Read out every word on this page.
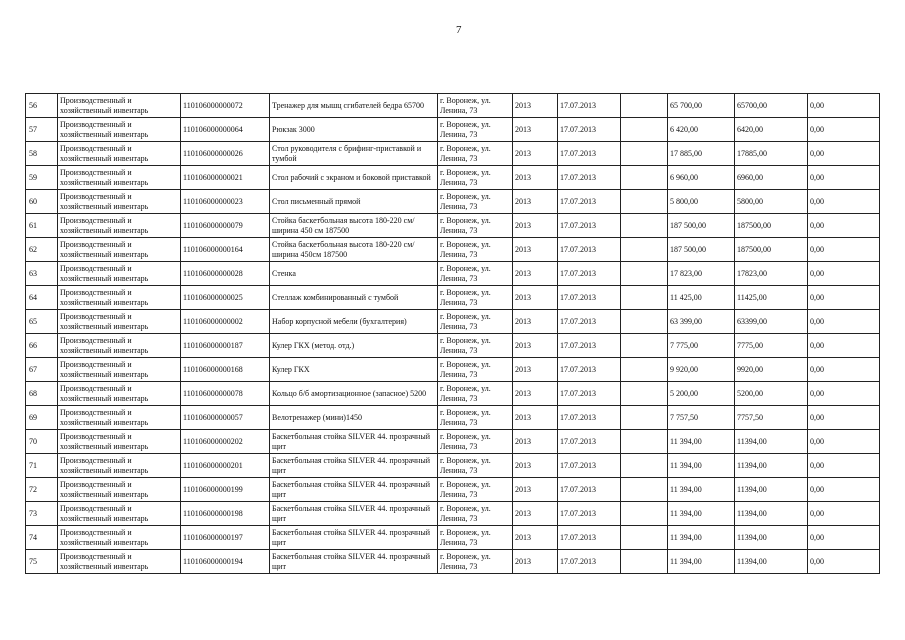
7
56	Производственный и хозяйственный инвентарь	110106000000072	Тренажер для мышц сгибателей бедра 65700	г. Воронеж, ул. Ленина, 73	2013	17.07.2013		65 700,00	65700,00	0,00
57	Производственный и хозяйственный инвентарь	110106000000064	Рюкзак 3000	г. Воронеж, ул. Ленина, 73	2013	17.07.2013		6 420,00	6420,00	0,00
58	Производственный и хозяйственный инвентарь	110106000000026	Стол руководителя с брифинг-приставкой и тумбой	г. Воронеж, ул. Ленина, 73	2013	17.07.2013		17 885,00	17885,00	0,00
59	Производственный и хозяйственный инвентарь	110106000000021	Стол рабочий с экраном и боковой приставкой	г. Воронеж, ул. Ленина, 73	2013	17.07.2013		6 960,00	6960,00	0,00
60	Производственный и хозяйственный инвентарь	110106000000023	Стол письменный прямой	г. Воронеж, ул. Ленина, 73	2013	17.07.2013		5 800,00	5800,00	0,00
61	Производственный и хозяйственный инвентарь	110106000000079	Стойка баскетбольная высота 180-220 см/ширина 450 см 187500	г. Воронеж, ул. Ленина, 73	2013	17.07.2013		187 500,00	187500,00	0,00
62	Производственный и хозяйственный инвентарь	110106000000164	Стойка баскетбольная высота 180-220 см/ширина 450см 187500	г. Воронеж, ул. Ленина, 73	2013	17.07.2013		187 500,00	187500,00	0,00
63	Производственный и хозяйственный инвентарь	110106000000028	Стенка	г. Воронеж, ул. Ленина, 73	2013	17.07.2013		17 823,00	17823,00	0,00
64	Производственный и хозяйственный инвентарь	110106000000025	Стеллаж комбинированный с тумбой	г. Воронеж, ул. Ленина, 73	2013	17.07.2013		11 425,00	11425,00	0,00
65	Производственный и хозяйственный инвентарь	110106000000002	Набор корпусной мебели (бухгалтерия)	г. Воронеж, ул. Ленина, 73	2013	17.07.2013		63 399,00	63399,00	0,00
66	Производственный и хозяйственный инвентарь	110106000000187	Кулер ГКХ (метод. отд.)	г. Воронеж, ул. Ленина, 73	2013	17.07.2013		7 775,00	7775,00	0,00
67	Производственный и хозяйственный инвентарь	110106000000168	Кулер ГКХ	г. Воронеж, ул. Ленина, 73	2013	17.07.2013		9 920,00	9920,00	0,00
68	Производственный и хозяйственный инвентарь	110106000000078	Кольцо б/б амортизационное (запасное) 5200	г. Воронеж, ул. Ленина, 73	2013	17.07.2013		5 200,00	5200,00	0,00
69	Производственный и хозяйственный инвентарь	110106000000057	Велотренажер (мини)1450	г. Воронеж, ул. Ленина, 73	2013	17.07.2013		7 757,50	7757,50	0,00
70	Производственный и хозяйственный инвентарь	110106000000202	Баскетбольная стойка SILVER 44. прозрачный щит	г. Воронеж, ул. Ленина, 73	2013	17.07.2013		11 394,00	11394,00	0,00
71	Производственный и хозяйственный инвентарь	110106000000201	Баскетбольная стойка SILVER 44. прозрачный щит	г. Воронеж, ул. Ленина, 73	2013	17.07.2013		11 394,00	11394,00	0,00
72	Производственный и хозяйственный инвентарь	110106000000199	Баскетбольная стойка SILVER 44. прозрачный щит	г. Воронеж, ул. Ленина, 73	2013	17.07.2013		11 394,00	11394,00	0,00
73	Производственный и хозяйственный инвентарь	110106000000198	Баскетбольная стойка SILVER 44. прозрачный щит	г. Воронеж, ул. Ленина, 73	2013	17.07.2013		11 394,00	11394,00	0,00
74	Производственный и хозяйственный инвентарь	110106000000197	Баскетбольная стойка SILVER 44. прозрачный щит	г. Воронеж, ул. Ленина, 73	2013	17.07.2013		11 394,00	11394,00	0,00
75	Производственный и хозяйственный инвентарь	110106000000194	Баскетбольная стойка SILVER 44. прозрачный щит	г. Воронеж, ул. Ленина, 73	2013	17.07.2013		11 394,00	11394,00	0,00
